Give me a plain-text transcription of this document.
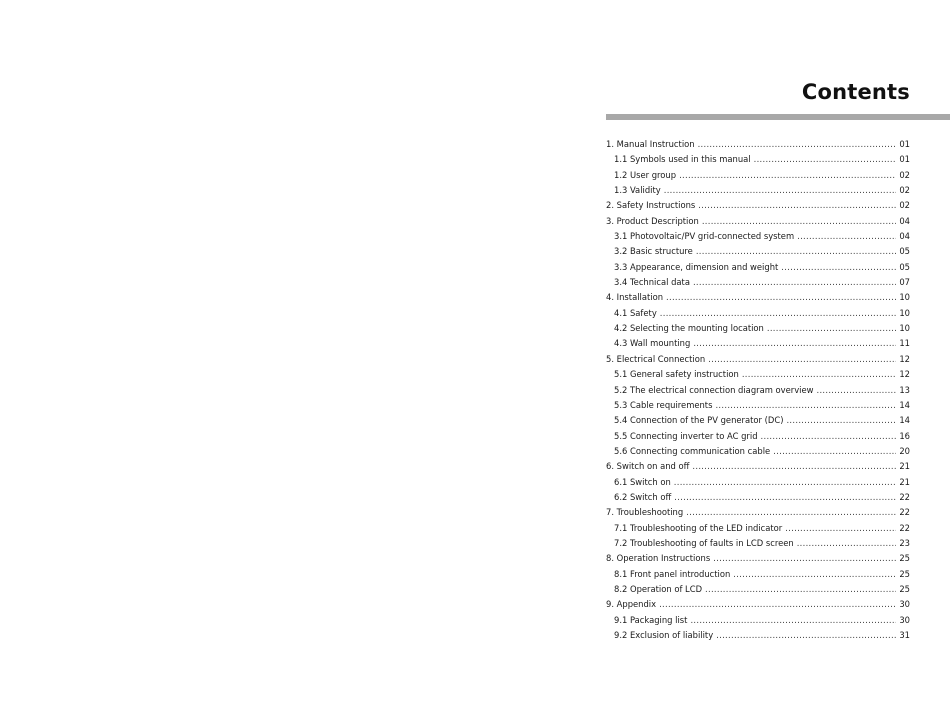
Contents
1. Manual Instruction .....	01
1.1 Symbols used in this manual .....	01
1.2 User group .....	02
1.3 Validity .....	02
2. Safety Instructions .....	02
3. Product Description .....	04
3.1 Photovoltaic/PV grid-connected system .....	04
3.2 Basic structure .....	05
3.3 Appearance, dimension and weight .....	05
3.4 Technical data .....	07
4. Installation .....	10
4.1 Safety .....	10
4.2 Selecting the mounting location .....	10
4.3 Wall mounting .....	11
5. Electrical Connection .....	12
5.1 General safety instruction .....	12
5.2 The electrical connection diagram overview .....	13
5.3 Cable requirements .....	14
5.4 Connection of the PV generator (DC) .....	14
5.5 Connecting inverter to AC grid .....	16
5.6 Connecting communication cable .....	20
6. Switch on and off .....	21
6.1 Switch on .....	21
6.2 Switch off .....	22
7. Troubleshooting .....	22
7.1 Troubleshooting of the LED indicator .....	22
7.2 Troubleshooting of faults in LCD screen .....	23
8. Operation Instructions .....	25
8.1 Front panel introduction .....	25
8.2 Operation of LCD .....	25
9. Appendix .....	30
9.1 Packaging list .....	30
9.2 Exclusion of liability .....	31
